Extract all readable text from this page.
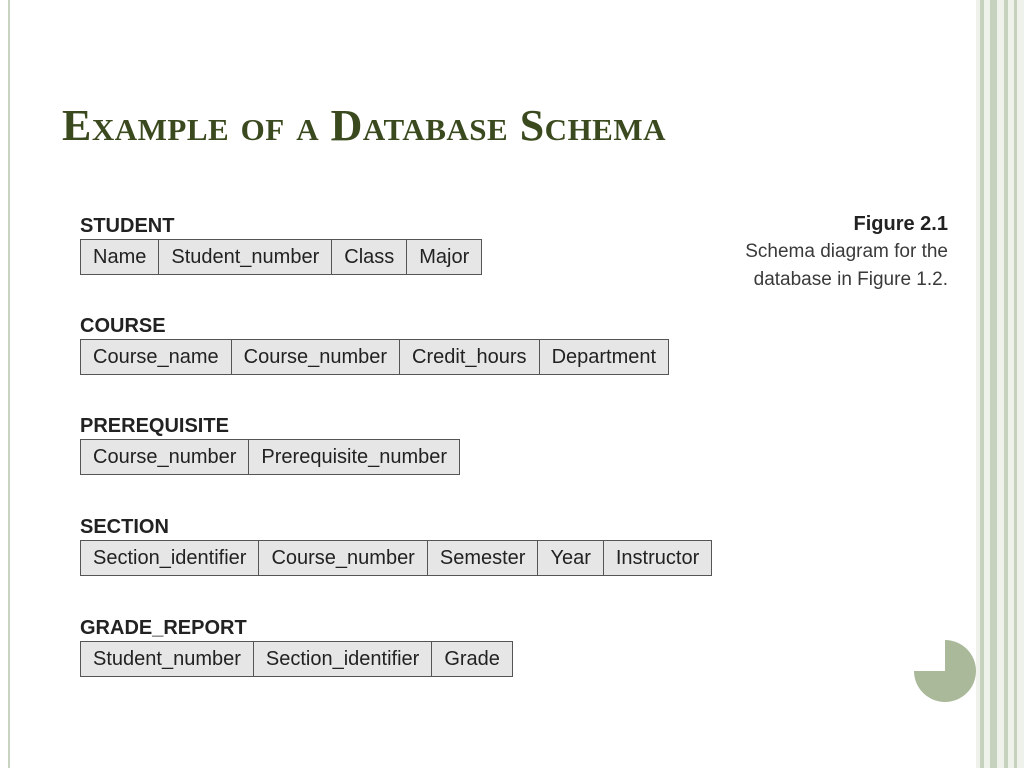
Example of a Database Schema
Figure 2.1
Schema diagram for the
database in Figure 1.2.
STUDENT
Name	Student_number	Class	Major
COURSE
Course_name	Course_number	Credit_hours	Department
PREREQUISITE
Course_number	Prerequisite_number
SECTION
Section_identifier	Course_number	Semester	Year	Instructor
GRADE_REPORT
Student_number	Section_identifier	Grade
